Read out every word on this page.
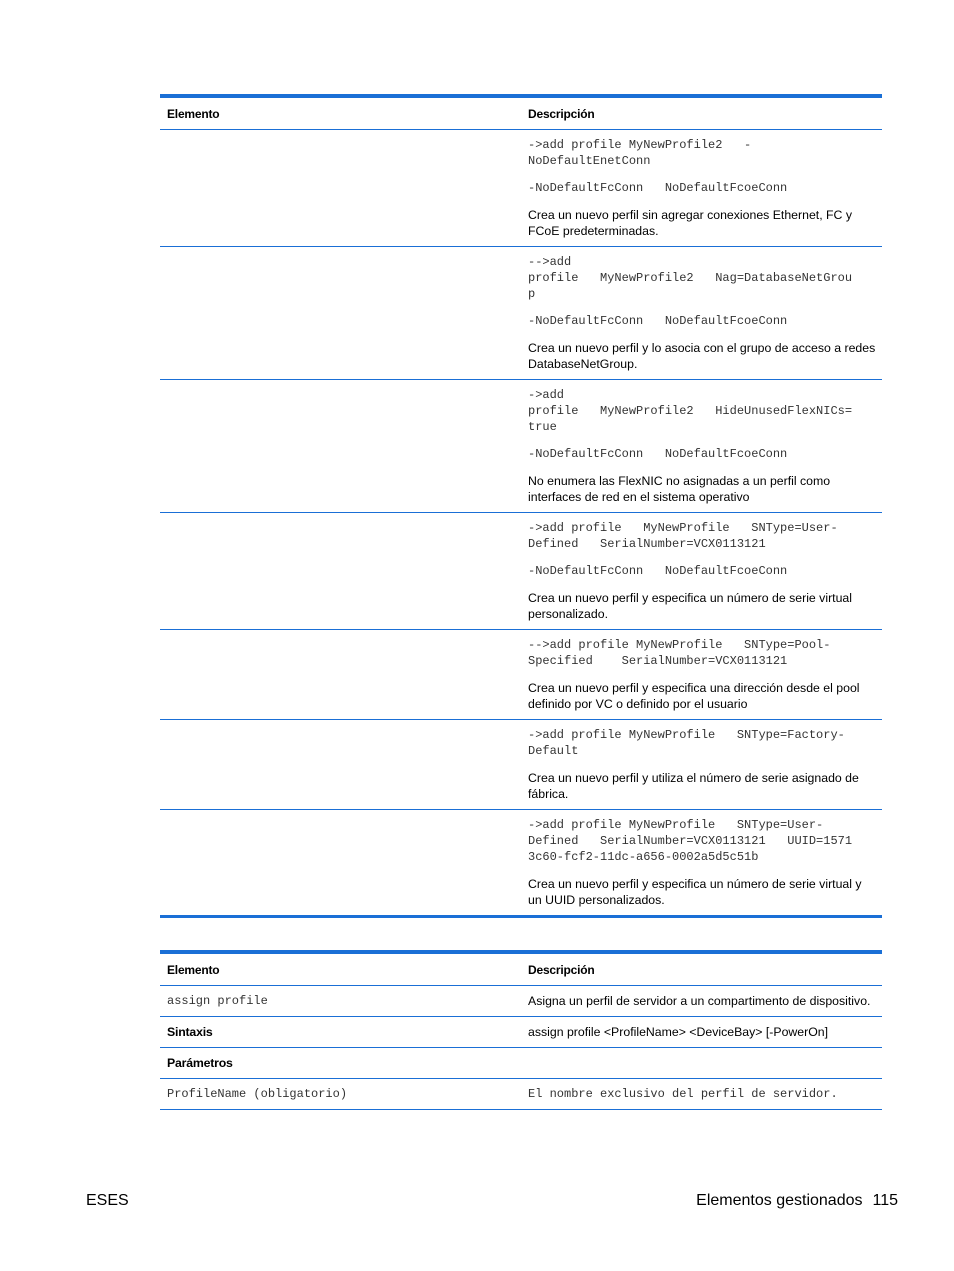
Elemento	Descripción

	->add profile MyNewProfile2   -
NoDefaultEnetConn

-NoDefaultFcConn   NoDefaultFcoeConn

Crea un nuevo perfil sin agregar conexiones Ethernet, FC y FCoE predeterminadas.

	-->add
profile   MyNewProfile2   Nag=DatabaseNetGrou
p

-NoDefaultFcConn   NoDefaultFcoeConn

Crea un nuevo perfil y lo asocia con el grupo de acceso a redes DatabaseNetGroup.

	->add
profile   MyNewProfile2   HideUnusedFlexNICs=
true

-NoDefaultFcConn   NoDefaultFcoeConn

No enumera las FlexNIC no asignadas a un perfil como interfaces de red en el sistema operativo

	->add profile   MyNewProfile   SNType=User-
Defined   SerialNumber=VCX0113121

-NoDefaultFcConn   NoDefaultFcoeConn

Crea un nuevo perfil y especifica un número de serie virtual personalizado.

	-->add profile MyNewProfile   SNType=Pool-
Specified    SerialNumber=VCX0113121

Crea un nuevo perfil y especifica una dirección desde el pool definido por VC o definido por el usuario

	->add profile MyNewProfile   SNType=Factory-
Default

Crea un nuevo perfil y utiliza el número de serie asignado de fábrica.

	->add profile MyNewProfile   SNType=User-
Defined   SerialNumber=VCX0113121   UUID=1571
3c60-fcf2-11dc-a656-0002a5d5c51b

Crea un nuevo perfil y especifica un número de serie virtual y un UUID personalizados.

Elemento	Descripción
assign profile	Asigna un perfil de servidor a un compartimento de dispositivo.
Sintaxis	assign profile <ProfileName> <DeviceBay> [-PowerOn]
Parámetros	
ProfileName (obligatorio)	El nombre exclusivo del perfil de servidor.
ESES	Elementos gestionados 115
